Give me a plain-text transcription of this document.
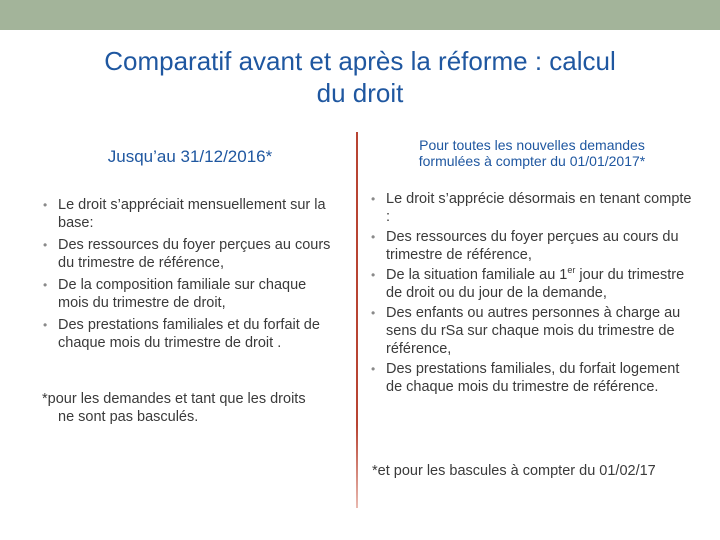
Comparatif avant et après la réforme : calcul
du droit
Jusqu’au 31/12/2016*
• Le droit s’appréciait mensuellement sur la base:
• Des ressources du foyer perçues au cours du trimestre de référence,
• De la composition familiale sur chaque mois du trimestre de droit,
• Des prestations familiales et du forfait de chaque mois du trimestre de droit .
*pour les demandes et tant que les droits
ne sont pas basculés.
Pour toutes les nouvelles demandes
formulées à compter du 01/01/2017*
• Le droit s’apprécie désormais en tenant compte :
• Des ressources du foyer perçues au cours du trimestre de référence,
• De la situation familiale au 1er jour du trimestre de droit ou du jour de la demande,
• Des enfants ou autres personnes à charge au sens du rSa sur chaque mois du trimestre de référence,
• Des prestations familiales, du forfait logement de chaque mois du trimestre de référence.
*et pour les bascules à compter du 01/02/17
